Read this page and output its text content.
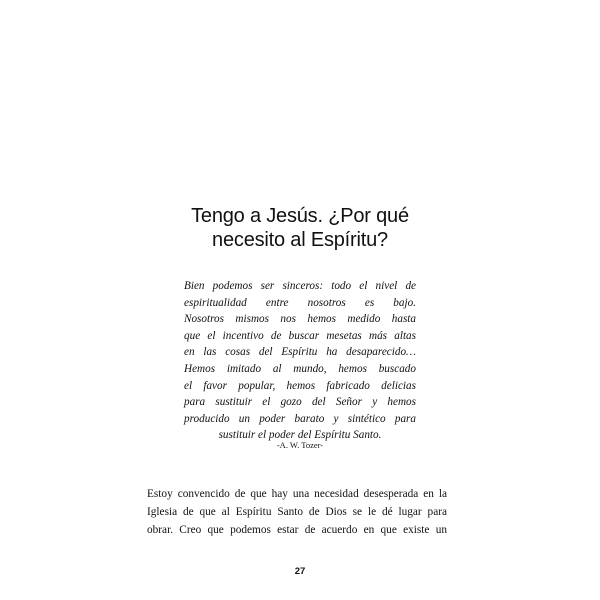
Tengo a Jesús. ¿Por qué
necesito al Espíritu?
Bien podemos ser sinceros: todo el nivel de
espiritualidad entre nosotros es bajo.
Nosotros mismos nos hemos medido hasta
que el incentivo de buscar mesetas más altas
en las cosas del Espíritu ha desaparecido…
Hemos imitado al mundo, hemos buscado
el favor popular, hemos fabricado delicias
para sustituir el gozo del Señor y hemos
producido un poder barato y sintético para
sustituir el poder del Espíritu Santo.
-A. W. Tozer-
Estoy convencido de que hay una necesidad desesperada en la
Iglesia de que al Espíritu Santo de Dios se le dé lugar para
obrar. Creo que podemos estar de acuerdo en que existe un
27
